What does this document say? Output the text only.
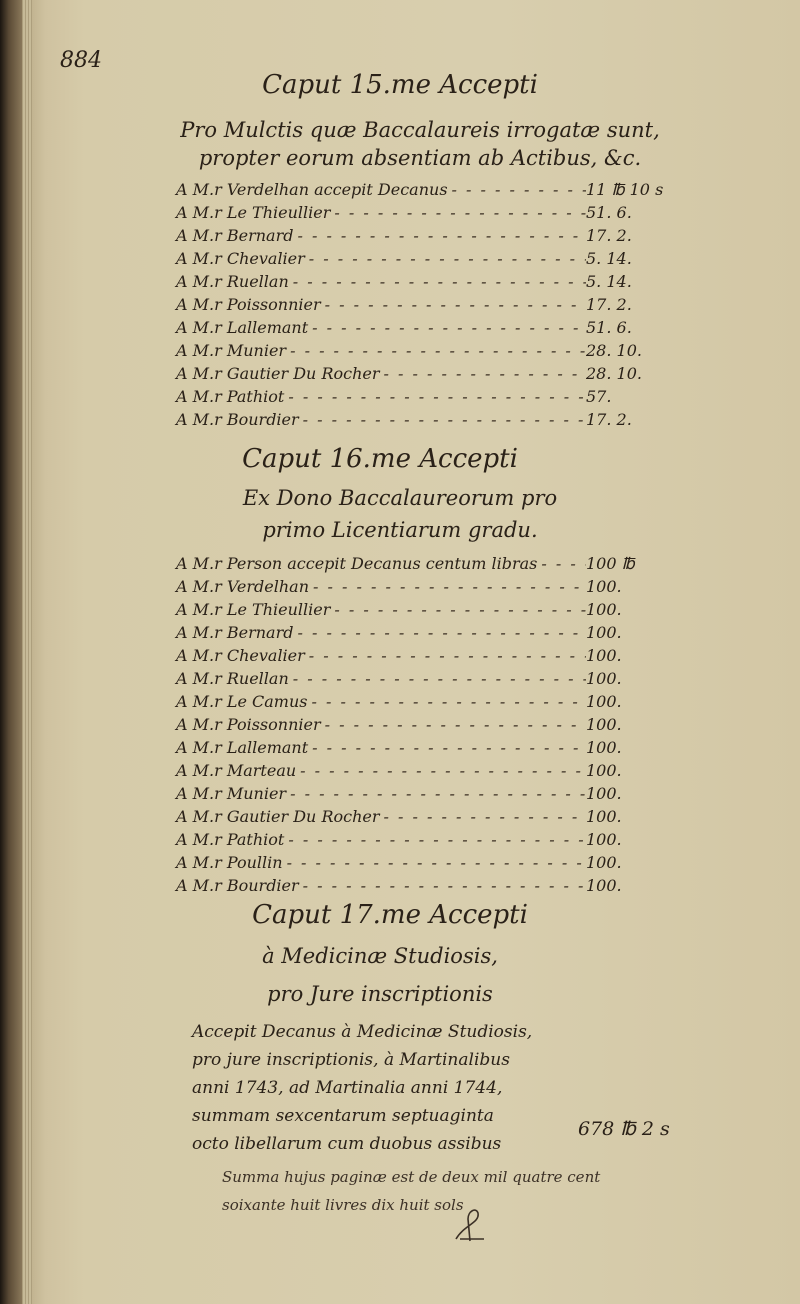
884
Caput 15.me Accepti
Pro Mulctis quæ Baccalaureis irrogatæ sunt,
propter eorum absentiam ab Actibus, &c.
A M.r Verdelhan accepit Decanus - - -	11 ℔ 10 s
A M.r Le Thieullier - - -	51. 6.
A M.r Bernard - - -	17. 2.
A M.r Chevalier - - -	5. 14.
A M.r Ruellan - - -	5. 14.
A M.r Poissonnier - - -	17. 2.
A M.r Lallemant - - -	51. 6.
A M.r Munier - - -	28. 10.
A M.r Gautier Du Rocher - - -	28. 10.
A M.r Pathiot - - -	57.
A M.r Bourdier - - -	17. 2.
Caput 16.me Accepti
Ex Dono Baccalaureorum pro
primo Licentiarum gradu.
A M.r Person accepit Decanus centum libras - - -	100 ℔
A M.r Verdelhan - - -	100.
A M.r Le Thieullier - - -	100.
A M.r Bernard - - -	100.
A M.r Chevalier - - -	100.
A M.r Ruellan - - -	100.
A M.r Le Camus - - -	100.
A M.r Poissonnier - - -	100.
A M.r Lallemant - - -	100.
A M.r Marteau - - -	100.
A M.r Munier - - -	100.
A M.r Gautier Du Rocher - - -	100.
A M.r Pathiot - - -	100.
A M.r Poullin - - -	100.
A M.r Bourdier - - -	100.
Caput 17.me Accepti
à Medicinæ Studiosis,
pro Jure inscriptionis
Accepit Decanus à Medicinæ Studiosis,
pro jure inscriptionis, à Martinalibus
anni 1743, ad Martinalia anni 1744,
summam sexcentarum septuaginta
octo libellarum cum duobus assibus
678 ℔ 2 s
Summa hujus paginæ est de deux mil quatre cent
soixante huit livres dix huit sols
